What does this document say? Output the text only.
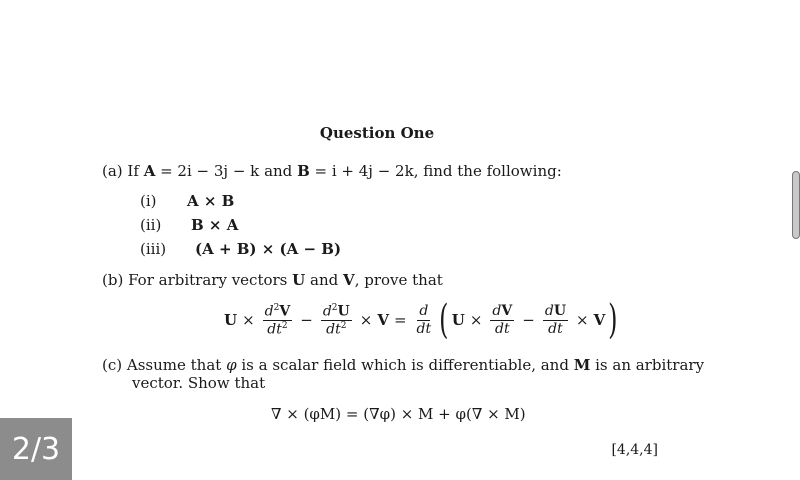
Question One
(a) If A = 2i − 3j − k and B = i + 4j − 2k, find the following:
(i) A × B
(ii) B × A
(iii) (A + B) × (A − B)
(b) For arbitrary vectors U and V, prove that
$U \times \frac{d^2V}{dt^2} - \frac{d^2U}{dt^2} \times V = \frac{d}{dt}$ ( $U \times \frac{dV}{dt} - \frac{dU}{dt} \times V$ )
(c) Assume that φ is a scalar field which is differentiable, and M is an arbitrary
vector. Show that
∇ × (φM) = (∇φ) × M + φ(∇ × M)
[4,4,4]
2/3
